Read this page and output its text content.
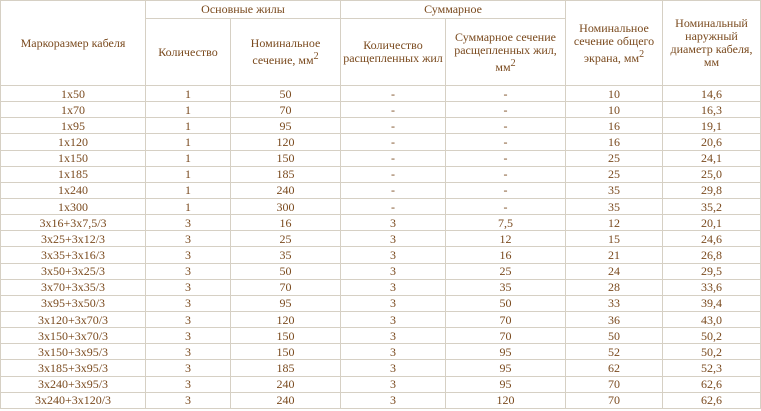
Маркоразмер кабеля	Основные жилы		Суммарное		Номинальное сечение общего экрана, $мм^2$	Номинальный наружный диаметр кабеля, мм
	Количество	Номинальное сечение, $мм^2$	Количество расщепленных жил	Суммарное сечение расщепленных жил, $мм^2$
1х50	1	50	-	-	10	14,6
1х70	1	70	-	-	10	16,3
1х95	1	95	-	-	16	19,1
1х120	1	120	-	-	16	20,6
1х150	1	150	-	-	25	24,1
1х185	1	185	-	-	25	25,0
1х240	1	240	-	-	35	29,8
1х300	1	300	-	-	35	35,2
3х16+3х7,5/3	3	16	3	7,5	12	20,1
3х25+3х12/3	3	25	3	12	15	24,6
3х35+3х16/3	3	35	3	16	21	26,8
3х50+3х25/3	3	50	3	25	24	29,5
3х70+3х35/3	3	70	3	35	28	33,6
3х95+3х50/3	3	95	3	50	33	39,4
3х120+3х70/3	3	120	3	70	36	43,0
3х150+3х70/3	3	150	3	70	50	50,2
3х150+3х95/3	3	150	3	95	52	50,2
3х185+3х95/3	3	185	3	95	62	52,3
3х240+3х95/3	3	240	3	95	70	62,6
3х240+3х120/3	3	240	3	120	70	62,6
